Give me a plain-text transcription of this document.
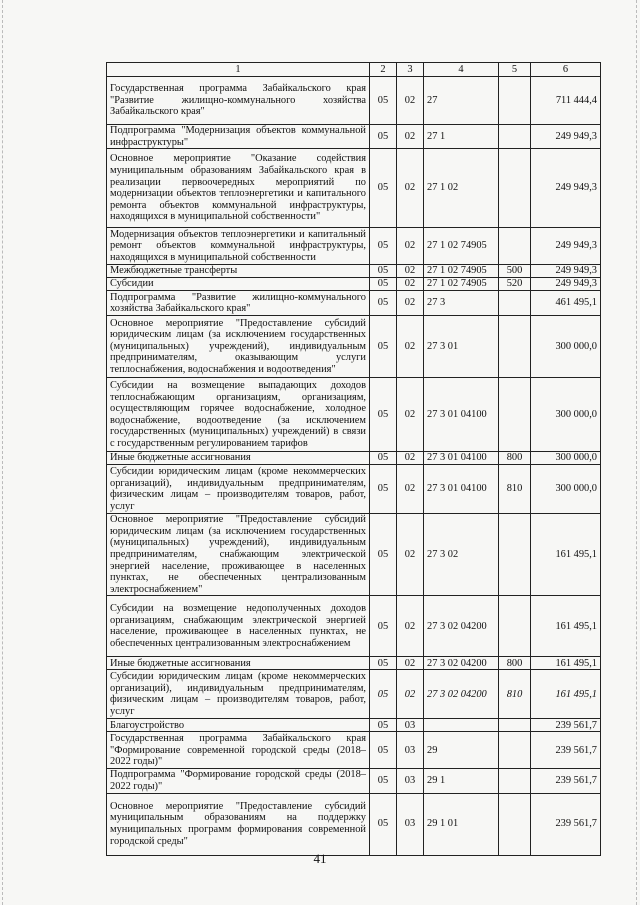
1	2	3	4	5	6
Государственная программа Забайкальского края "Развитие жилищно-коммунального хозяйства Забайкальского края"	05	02	27		711 444,4
Подпрограмма "Модернизация объектов коммунальной инфраструктуры"	05	02	27 1		249 949,3
Основное мероприятие "Оказание содействия муниципальным образованиям Забайкальского края в реализации первоочередных мероприятий по модернизации объектов теплоэнергетики и капитального ремонта объектов коммунальной инфраструктуры, находящихся в муниципальной собственности"	05	02	27 1 02		249 949,3
Модернизация объектов теплоэнергетики и капитальный ремонт объектов коммунальной инфраструктуры, находящихся в муниципальной собственности	05	02	27 1 02 74905		249 949,3
Межбюджетные трансферты	05	02	27 1 02 74905	500	249 949,3
Субсидии	05	02	27 1 02 74905	520	249 949,3
Подпрограмма "Развитие жилищно-коммунального хозяйства Забайкальского края"	05	02	27 3		461 495,1
Основное мероприятие "Предоставление субсидий юридическим лицам (за исключением государственных (муниципальных) учреждений), индивидуальным предпринимателям, оказывающим услуги теплоснабжения, водоснабжения и водоотведения"	05	02	27 3 01		300 000,0
Субсидии на возмещение выпадающих доходов теплоснабжающим организациям, организациям, осуществляющим горячее водоснабжение, холодное водоснабжение, водоотведение (за исключением государственных (муниципальных) учреждений) в связи с государственным регулированием тарифов	05	02	27 3 01 04100		300 000,0
Иные бюджетные ассигнования	05	02	27 3 01 04100	800	300 000,0
Субсидии юридическим лицам (кроме некоммерческих организаций), индивидуальным предпринимателям, физическим лицам – производителям товаров, работ, услуг	05	02	27 3 01 04100	810	300 000,0
Основное мероприятие "Предоставление субсидий юридическим лицам (за исключением государственных (муниципальных) учреждений), индивидуальным предпринимателям, снабжающим электрической энергией население, проживающее в населенных пунктах, не обеспеченных централизованным электроснабжением"	05	02	27 3 02		161 495,1
Субсидии на возмещение недополученных доходов организациям, снабжающим электрической энергией население, проживающее в населенных пунктах, не обеспеченных централизованным электроснабжением	05	02	27 3 02 04200		161 495,1
Иные бюджетные ассигнования	05	02	27 3 02 04200	800	161 495,1
Субсидии юридическим лицам (кроме некоммерческих организаций), индивидуальным предпринимателям, физическим лицам – производителям товаров, работ, услуг	05	02	27 3 02 04200	810	161 495,1
Благоустройство	05	03			239 561,7
Государственная программа Забайкальского края "Формирование современной городской среды (2018–2022 годы)"	05	03	29		239 561,7
Подпрограмма "Формирование городской среды (2018–2022 годы)"	05	03	29 1		239 561,7
Основное мероприятие "Предоставление субсидий муниципальным образованиям на поддержку муниципальных программ формирования современной городской среды"	05	03	29 1 01		239 561,7
41
